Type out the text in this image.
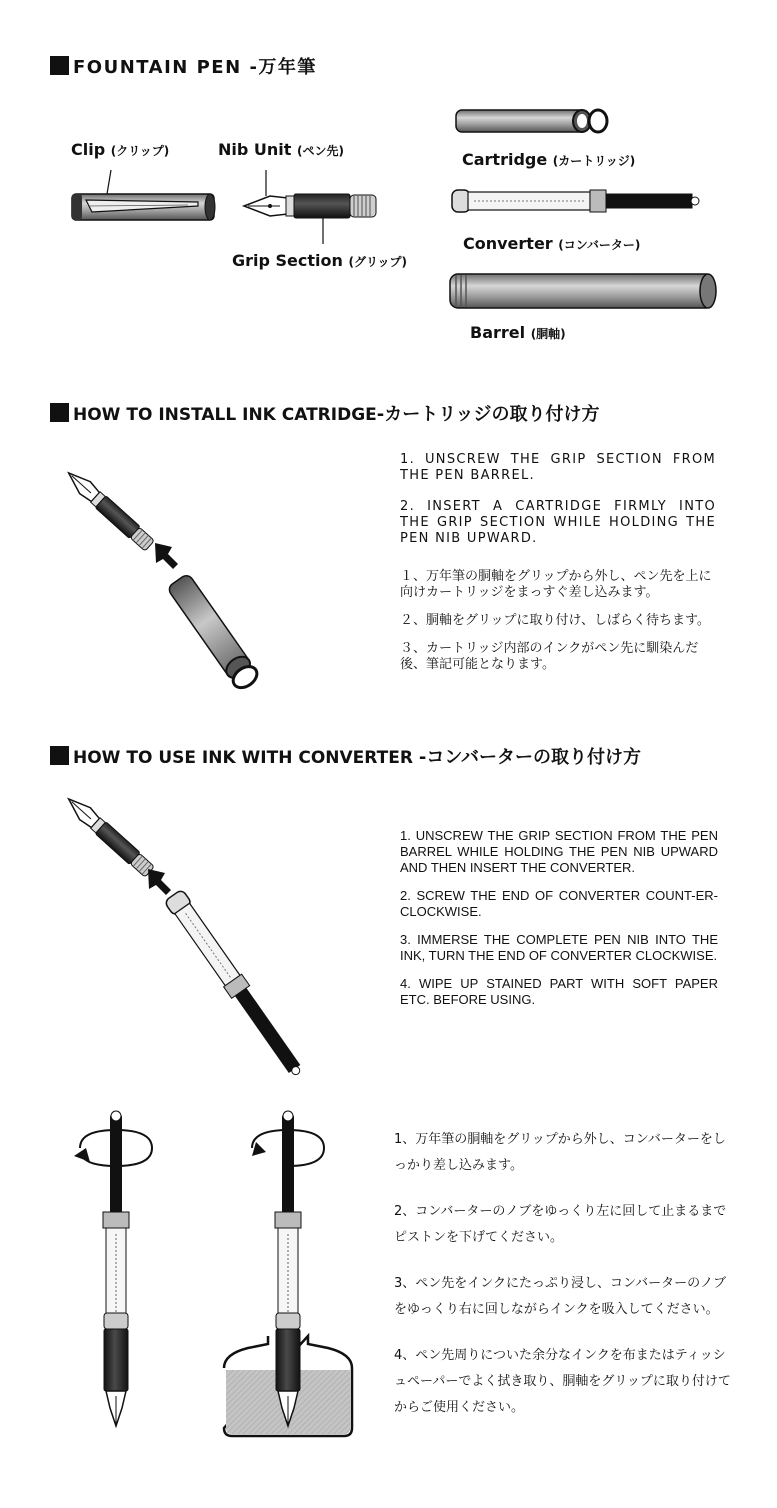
FOUNTAIN PEN -万年筆
Clip (クリップ)	Nib Unit (ペン先)
Grip Section (グリップ)
Cartridge (カートリッジ)
Converter (コンバーター)
Barrel (胴軸)
HOW TO INSTALL INK CATRIDGE-カートリッジの取り付け方

1. UNSCREW THE GRIP SECTION FROM THE PEN BARREL.

2. INSERT A CARTRIDGE FIRMLY INTO THE GRIP SECTION WHILE HOLDING THE PEN NIB UPWARD.

１、万年筆の胴軸をグリップから外し、ペン先を上に向けカートリッジをまっすぐ差し込みます。

２、胴軸をグリップに取り付け、しばらく待ちます。

３、カートリッジ内部のインクがペン先に馴染んだ後、筆記可能となります。

HOW TO USE INK WITH CONVERTER -コンバーターの取り付け方

1. UNSCREW THE GRIP SECTION FROM THE PEN BARREL WHILE HOLDING THE PEN NIB UPWARD AND THEN INSERT THE CONVERTER.

2. SCREW THE END OF CONVERTER COUNT-ER-CLOCKWISE.

3. IMMERSE THE COMPLETE PEN NIB INTO THE INK, TURN THE END OF CONVERTER CLOCKWISE.

4. WIPE UP STAINED PART WITH SOFT PAPER ETC. BEFORE USING.

1、万年筆の胴軸をグリップから外し、コンバーターをしっかり差し込みます。

2、コンバーターのノブをゆっくり左に回して止まるまでピストンを下げてください。

3、ペン先をインクにたっぷり浸し、コンバーターのノブをゆっくり右に回しながらインクを吸入してください。

4、ペン先周りについた余分なインクを布またはティッシュペーパーでよく拭き取り、胴軸をグリップに取り付けてからご使用ください。
